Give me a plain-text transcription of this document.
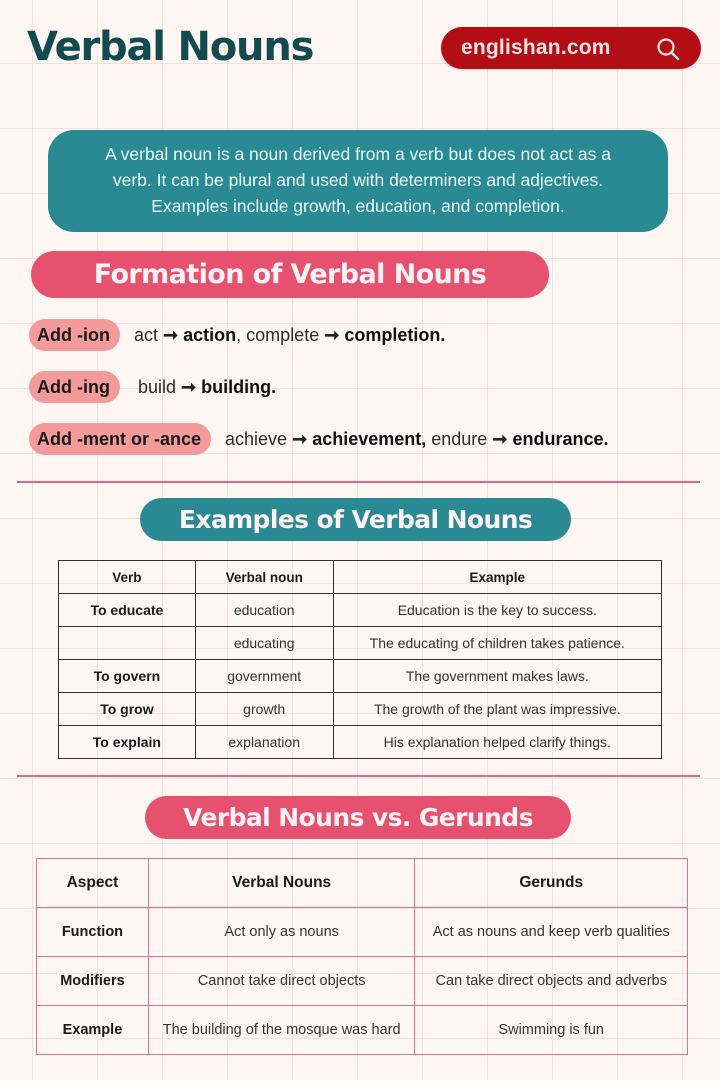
Verbal Nouns	englishan.com
A verbal noun is a noun derived from a verb but does not act as a
verb. It can be plural and used with determiners and adjectives.
Examples include growth, education, and completion.
Formation of Verbal Nouns
Add -ion	act ➞ action, complete ➞ completion.
Add -ing	build ➞ building.
Add -ment or -ance	achieve ➞ achievement, endure ➞ endurance.
Examples of Verbal Nouns
Verb	Verbal noun	Example
To educate	education	Education is the key to success.
	educating	The educating of children takes patience.
To govern	government	The government makes laws.
To grow	growth	The growth of the plant was impressive.
To explain	explanation	His explanation helped clarify things.
Verbal Nouns vs. Gerunds
Aspect	Verbal Nouns	Gerunds
Function	Act only as nouns	Act as nouns and keep verb qualities
Modifiers	Cannot take direct objects	Can take direct objects and adverbs
Example	The building of the mosque was hard	Swimming is fun
